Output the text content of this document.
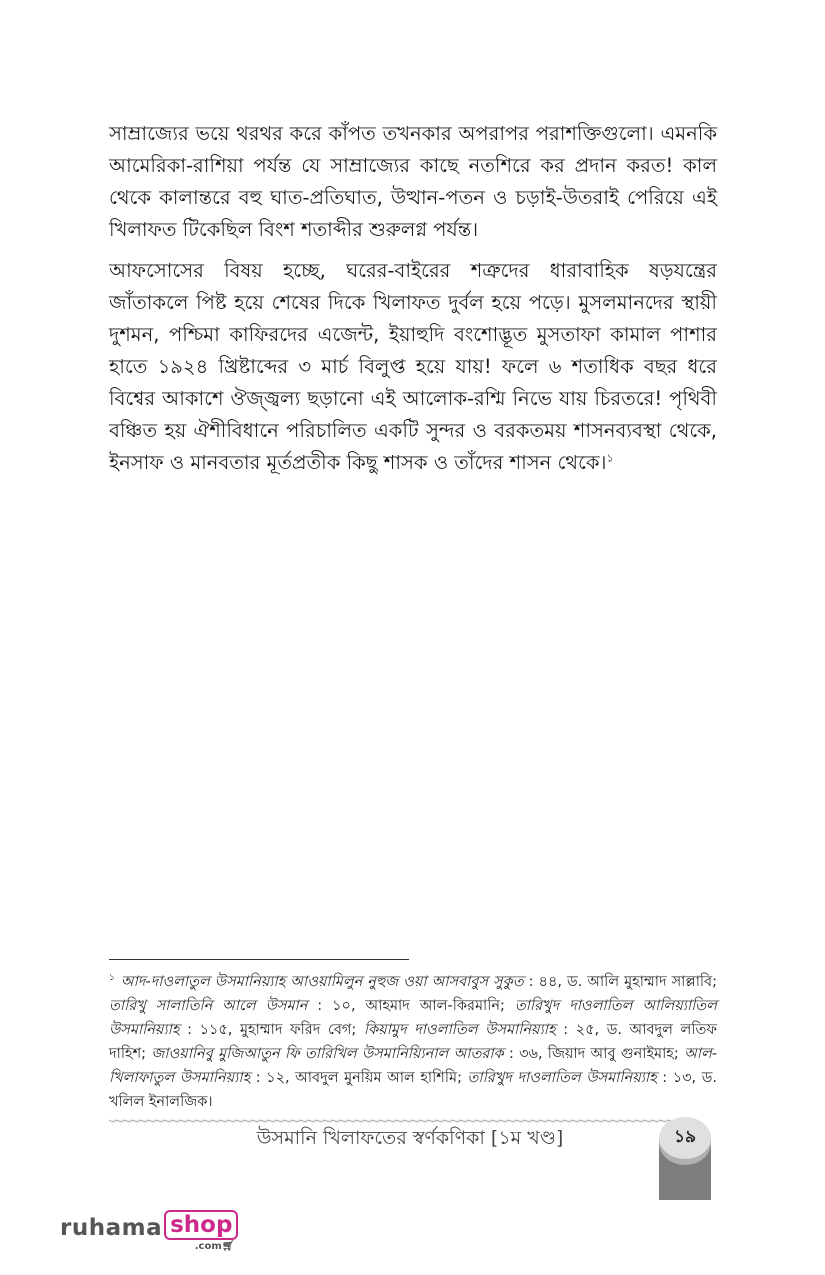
সাম্রাজ্যের ভয়ে থরথর করে কাঁপত তখনকার অপরাপর পরাশক্তিগুলো। এমনকি আমেরিকা-রাশিয়া পর্যন্ত যে সাম্রাজ্যের কাছে নতশিরে কর প্রদান করত! কাল থেকে কালান্তরে বহু ঘাত-প্রতিঘাত, উত্থান-পতন ও চড়াই-উতরাই পেরিয়ে এই খিলাফত টিকেছিল বিংশ শতাব্দীর শুরুলগ্ন পর্যন্ত।

আফসোসের বিষয় হচ্ছে, ঘরের-বাইরের শত্রুদের ধারাবাহিক ষড়যন্ত্রের জাঁতাকলে পিষ্ট হয়ে শেষের দিকে খিলাফত দুর্বল হয়ে পড়ে। মুসলমানদের স্থায়ী দুশমন, পশ্চিমা কাফিরদের এজেন্ট, ইয়াহুদি বংশোদ্ভূত মুসতাফা কামাল পাশার হাতে ১৯২৪ খ্রিষ্টাব্দের ৩ মার্চ বিলুপ্ত হয়ে যায়! ফলে ৬ শতাধিক বছর ধরে বিশ্বের আকাশে ঔজ্জ্বল্য ছড়ানো এই আলোক-রশ্মি নিভে যায় চিরতরে! পৃথিবী বঞ্চিত হয় ঐশীবিধানে পরিচালিত একটি সুন্দর ও বরকতময় শাসনব্যবস্থা থেকে, ইনসাফ ও মানবতার মূর্তপ্রতীক কিছু শাসক ও তাঁদের শাসন থেকে।$^১$

$^১$ আদ-দাওলাতুল উসমানিয়্যাহ আওয়ামিলুন নুহুজ ওয়া আসবাবুস সুকুত : ৪৪, ড. আলি মুহাম্মাদ সাল্লাবি; তারিখু সালাতিনি আলে উসমান : ১০, আহমাদ আল-কিরমানি; তারিখুদ দাওলাতিল আলিয়্যাতিল উসমানিয়্যাহ : ১১৫, মুহাম্মাদ ফরিদ বেগ; কিয়ামুদ দাওলাতিল উসমানিয়্যাহ : ২৫, ড. আবদুল লতিফ দাহিশ; জাওয়ানিবু মুজিআতুন ফি তারিখিল উসমানিয়্যিনাল আতরাক : ৩৬, জিয়াদ আবু গুনাইমাহ; আল-খিলাফাতুল উসমানিয়্যাহ : ১২, আবদুল মুনয়িম আল হাশিমি; তারিখুদ দাওলাতিল উসমানিয়্যাহ : ১৩, ড. খলিল ইনালজিক।
উসমানি খিলাফতের স্বর্ণকণিকা [১ম খণ্ড]	১৯
ruhama shop
.com🛒︎
